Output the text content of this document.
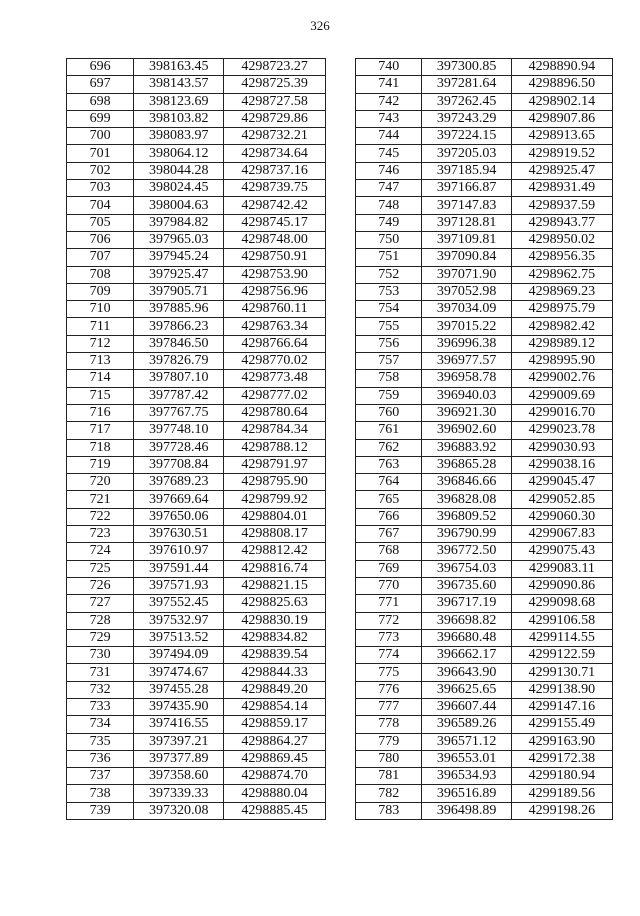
326
696	398163.45	4298723.27
697	398143.57	4298725.39
698	398123.69	4298727.58
699	398103.82	4298729.86
700	398083.97	4298732.21
701	398064.12	4298734.64
702	398044.28	4298737.16
703	398024.45	4298739.75
704	398004.63	4298742.42
705	397984.82	4298745.17
706	397965.03	4298748.00
707	397945.24	4298750.91
708	397925.47	4298753.90
709	397905.71	4298756.96
710	397885.96	4298760.11
711	397866.23	4298763.34
712	397846.50	4298766.64
713	397826.79	4298770.02
714	397807.10	4298773.48
715	397787.42	4298777.02
716	397767.75	4298780.64
717	397748.10	4298784.34
718	397728.46	4298788.12
719	397708.84	4298791.97
720	397689.23	4298795.90
721	397669.64	4298799.92
722	397650.06	4298804.01
723	397630.51	4298808.17
724	397610.97	4298812.42
725	397591.44	4298816.74
726	397571.93	4298821.15
727	397552.45	4298825.63
728	397532.97	4298830.19
729	397513.52	4298834.82
730	397494.09	4298839.54
731	397474.67	4298844.33
732	397455.28	4298849.20
733	397435.90	4298854.14
734	397416.55	4298859.17
735	397397.21	4298864.27
736	397377.89	4298869.45
737	397358.60	4298874.70
738	397339.33	4298880.04
739	397320.08	4298885.45
740	397300.85	4298890.94
741	397281.64	4298896.50
742	397262.45	4298902.14
743	397243.29	4298907.86
744	397224.15	4298913.65
745	397205.03	4298919.52
746	397185.94	4298925.47
747	397166.87	4298931.49
748	397147.83	4298937.59
749	397128.81	4298943.77
750	397109.81	4298950.02
751	397090.84	4298956.35
752	397071.90	4298962.75
753	397052.98	4298969.23
754	397034.09	4298975.79
755	397015.22	4298982.42
756	396996.38	4298989.12
757	396977.57	4298995.90
758	396958.78	4299002.76
759	396940.03	4299009.69
760	396921.30	4299016.70
761	396902.60	4299023.78
762	396883.92	4299030.93
763	396865.28	4299038.16
764	396846.66	4299045.47
765	396828.08	4299052.85
766	396809.52	4299060.30
767	396790.99	4299067.83
768	396772.50	4299075.43
769	396754.03	4299083.11
770	396735.60	4299090.86
771	396717.19	4299098.68
772	396698.82	4299106.58
773	396680.48	4299114.55
774	396662.17	4299122.59
775	396643.90	4299130.71
776	396625.65	4299138.90
777	396607.44	4299147.16
778	396589.26	4299155.49
779	396571.12	4299163.90
780	396553.01	4299172.38
781	396534.93	4299180.94
782	396516.89	4299189.56
783	396498.89	4299198.26
